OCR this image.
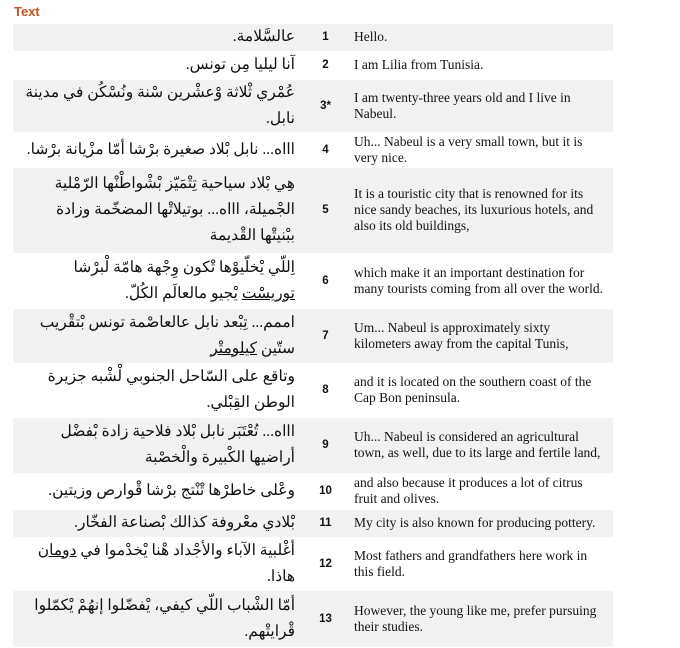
Text
عالسَّلامة.	1	Hello.
آنا ليليا مِن تونس.	2	I am Lilia from Tunisia.
عُمْري ثْلاثة وْعشْرين سْنة ونُسْكُن في مدينة نابل.	3*	I am twenty-three years old and I live in Nabeul.
اااه... نابل بْلاد صغيرة برْشا أمّا مزْيانة برْشا.	4	Uh... Nabeul is a very small town, but it is very nice.
هِي بْلاد سياحية تِتْمَيّز بْشْواطْنْها الرّمْلية الجْميلة، اااه... بوتيلاتْها المضخّمة وزادة ببْنيتْها القْديمة	5	It is a touristic city that is renowned for its nice sandy beaches, its luxurious hotels, and also its old buildings,
اِللّي يْخلّيوْها تْكون وِجْهة هامّة لْبرْشا توريسْت يْجيو مالعالَم الكُلّ.	6	which make it an important destination for many tourists coming from all over the world.
اممم... تِبْعد نابل عالعاصْمة تونس بْتقْريب ستّين كيلومتْر	7	Um... Nabeul is approximately sixty kilometers away from the capital Tunis,
وتاقع على السّاحل الجنوبي لْشْبه جزيرة الوطن القِبْلي.	8	and it is located on the southern coast of the Cap Bon peninsula.
اااه... تُعْتَبَر نابل بْلاد فلاحية زادة بْفضْل أراضيها الكْبيرة والْخصْبة	9	Uh... Nabeul is considered an agricultural town, as well, due to its large and fertile land,
وعْلى خاطرْها تْنْتج برْشا قْوارص وزيتين.	10	and also because it produces a lot of citrus fruit and olives.
بْلادي معْروفة كذالك بْصناعة الفخّار.	11	My city is also known for producing pottery.
أغْلبية الآباء والأجْداد هْنا يْخدْموا في دومان هاذا.	12	Most fathers and grandfathers here work in this field.
أمّا الشْباب اللّي كيفي، يْفضّلوا إنهُمْ يْكمّلوا قْرايتْهم.	13	However, the young like me, prefer pursuing their studies.
